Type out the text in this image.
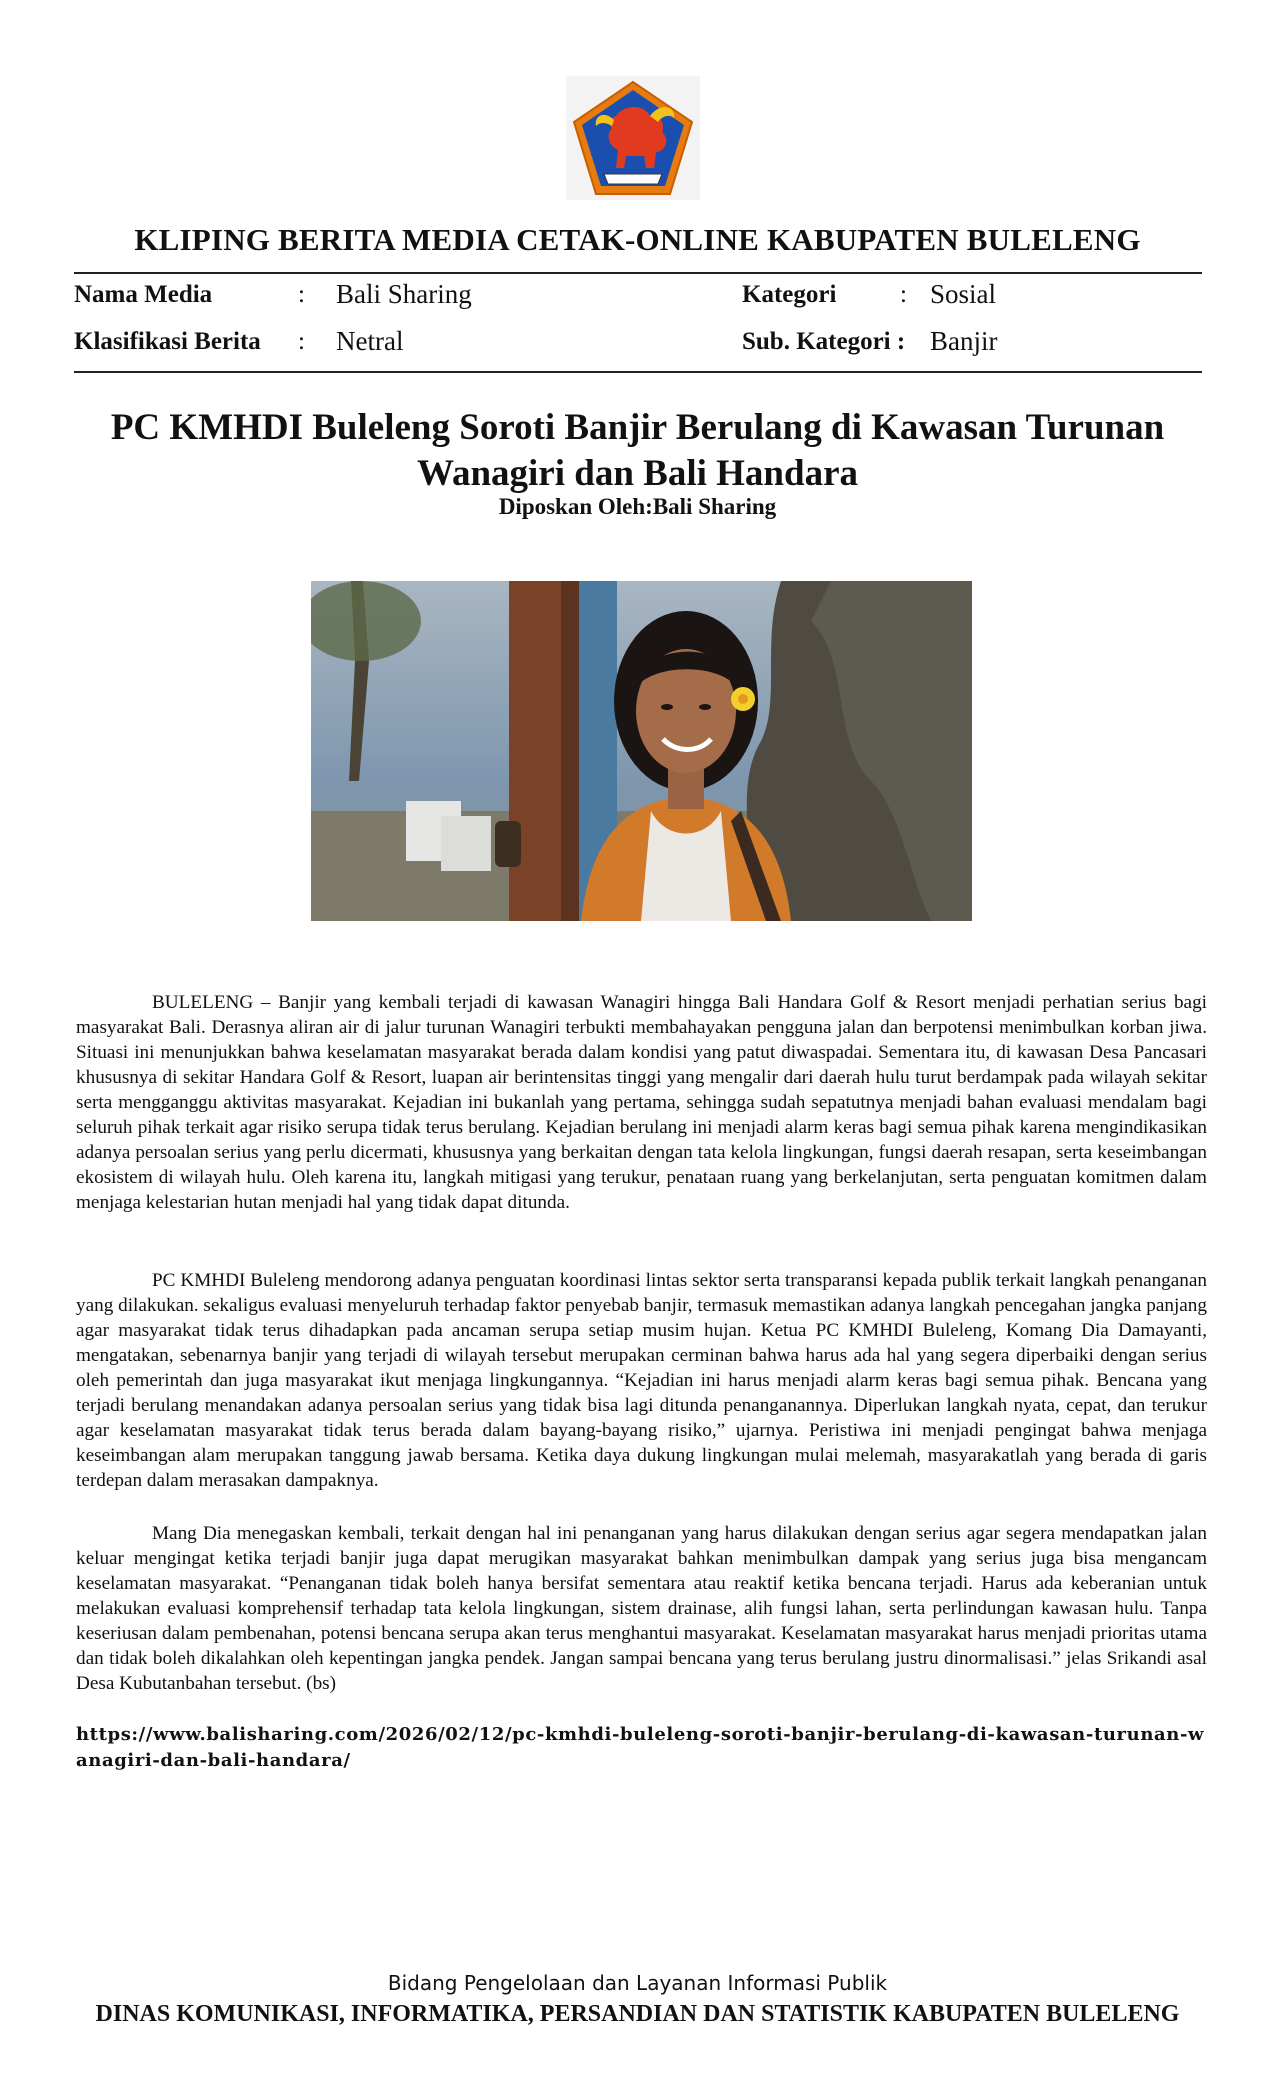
KLIPING BERITA MEDIA CETAK-ONLINE KABUPATEN BULELENG
Nama Media	: Bali Sharing	Kategori	: Sosial
Klasifikasi Berita : Netral	Sub. Kategori : Banjir
PC KMHDI Buleleng Soroti Banjir Berulang di Kawasan Turunan Wanagiri dan Bali Handara
Diposkan Oleh:Bali Sharing

BULELENG – Banjir yang kembali terjadi di kawasan Wanagiri hingga Bali Handara Golf & Resort menjadi perhatian serius bagi masyarakat Bali. Derasnya aliran air di jalur turunan Wanagiri terbukti membahayakan pengguna jalan dan berpotensi menimbulkan korban jiwa. Situasi ini menunjukkan bahwa keselamatan masyarakat berada dalam kondisi yang patut diwaspadai. Sementara itu, di kawasan Desa Pancasari khususnya di sekitar Handara Golf & Resort, luapan air berintensitas tinggi yang mengalir dari daerah hulu turut berdampak pada wilayah sekitar serta mengganggu aktivitas masyarakat. Kejadian ini bukanlah yang pertama, sehingga sudah sepatutnya menjadi bahan evaluasi mendalam bagi seluruh pihak terkait agar risiko serupa tidak terus berulang. Kejadian berulang ini menjadi alarm keras bagi semua pihak karena mengindikasikan adanya persoalan serius yang perlu dicermati, khususnya yang berkaitan dengan tata kelola lingkungan, fungsi daerah resapan, serta keseimbangan ekosistem di wilayah hulu. Oleh karena itu, langkah mitigasi yang terukur, penataan ruang yang berkelanjutan, serta penguatan komitmen dalam menjaga kelestarian hutan menjadi hal yang tidak dapat ditunda.

PC KMHDI Buleleng mendorong adanya penguatan koordinasi lintas sektor serta transparansi kepada publik terkait langkah penanganan yang dilakukan. sekaligus evaluasi menyeluruh terhadap faktor penyebab banjir, termasuk memastikan adanya langkah pencegahan jangka panjang agar masyarakat tidak terus dihadapkan pada ancaman serupa setiap musim hujan. Ketua PC KMHDI Buleleng, Komang Dia Damayanti, mengatakan, sebenarnya banjir yang terjadi di wilayah tersebut merupakan cerminan bahwa harus ada hal yang segera diperbaiki dengan serius oleh pemerintah dan juga masyarakat ikut menjaga lingkungannya. “Kejadian ini harus menjadi alarm keras bagi semua pihak. Bencana yang terjadi berulang menandakan adanya persoalan serius yang tidak bisa lagi ditunda penanganannya. Diperlukan langkah nyata, cepat, dan terukur agar keselamatan masyarakat tidak terus berada dalam bayang-bayang risiko,” ujarnya. Peristiwa ini menjadi pengingat bahwa menjaga keseimbangan alam merupakan tanggung jawab bersama. Ketika daya dukung lingkungan mulai melemah, masyarakatlah yang berada di garis terdepan dalam merasakan dampaknya.

Mang Dia menegaskan kembali, terkait dengan hal ini penanganan yang harus dilakukan dengan serius agar segera mendapatkan jalan keluar mengingat ketika terjadi banjir juga dapat merugikan masyarakat bahkan menimbulkan dampak yang serius juga bisa mengancam keselamatan masyarakat. “Penanganan tidak boleh hanya bersifat sementara atau reaktif ketika bencana terjadi. Harus ada keberanian untuk melakukan evaluasi komprehensif terhadap tata kelola lingkungan, sistem drainase, alih fungsi lahan, serta perlindungan kawasan hulu. Tanpa keseriusan dalam pembenahan, potensi bencana serupa akan terus menghantui masyarakat. Keselamatan masyarakat harus menjadi prioritas utama dan tidak boleh dikalahkan oleh kepentingan jangka pendek. Jangan sampai bencana yang terus berulang justru dinormalisasi.” jelas Srikandi asal Desa Kubutanbahan tersebut. (bs)

https://www.balisharing.com/2026/02/12/pc-kmhdi-buleleng-soroti-banjir-berulang-di-kawasan-turunan-wanagiri-dan-bali-handara/
Bidang Pengelolaan dan Layanan Informasi Publik
DINAS KOMUNIKASI, INFORMATIKA, PERSANDIAN DAN STATISTIK KABUPATEN BULELENG
